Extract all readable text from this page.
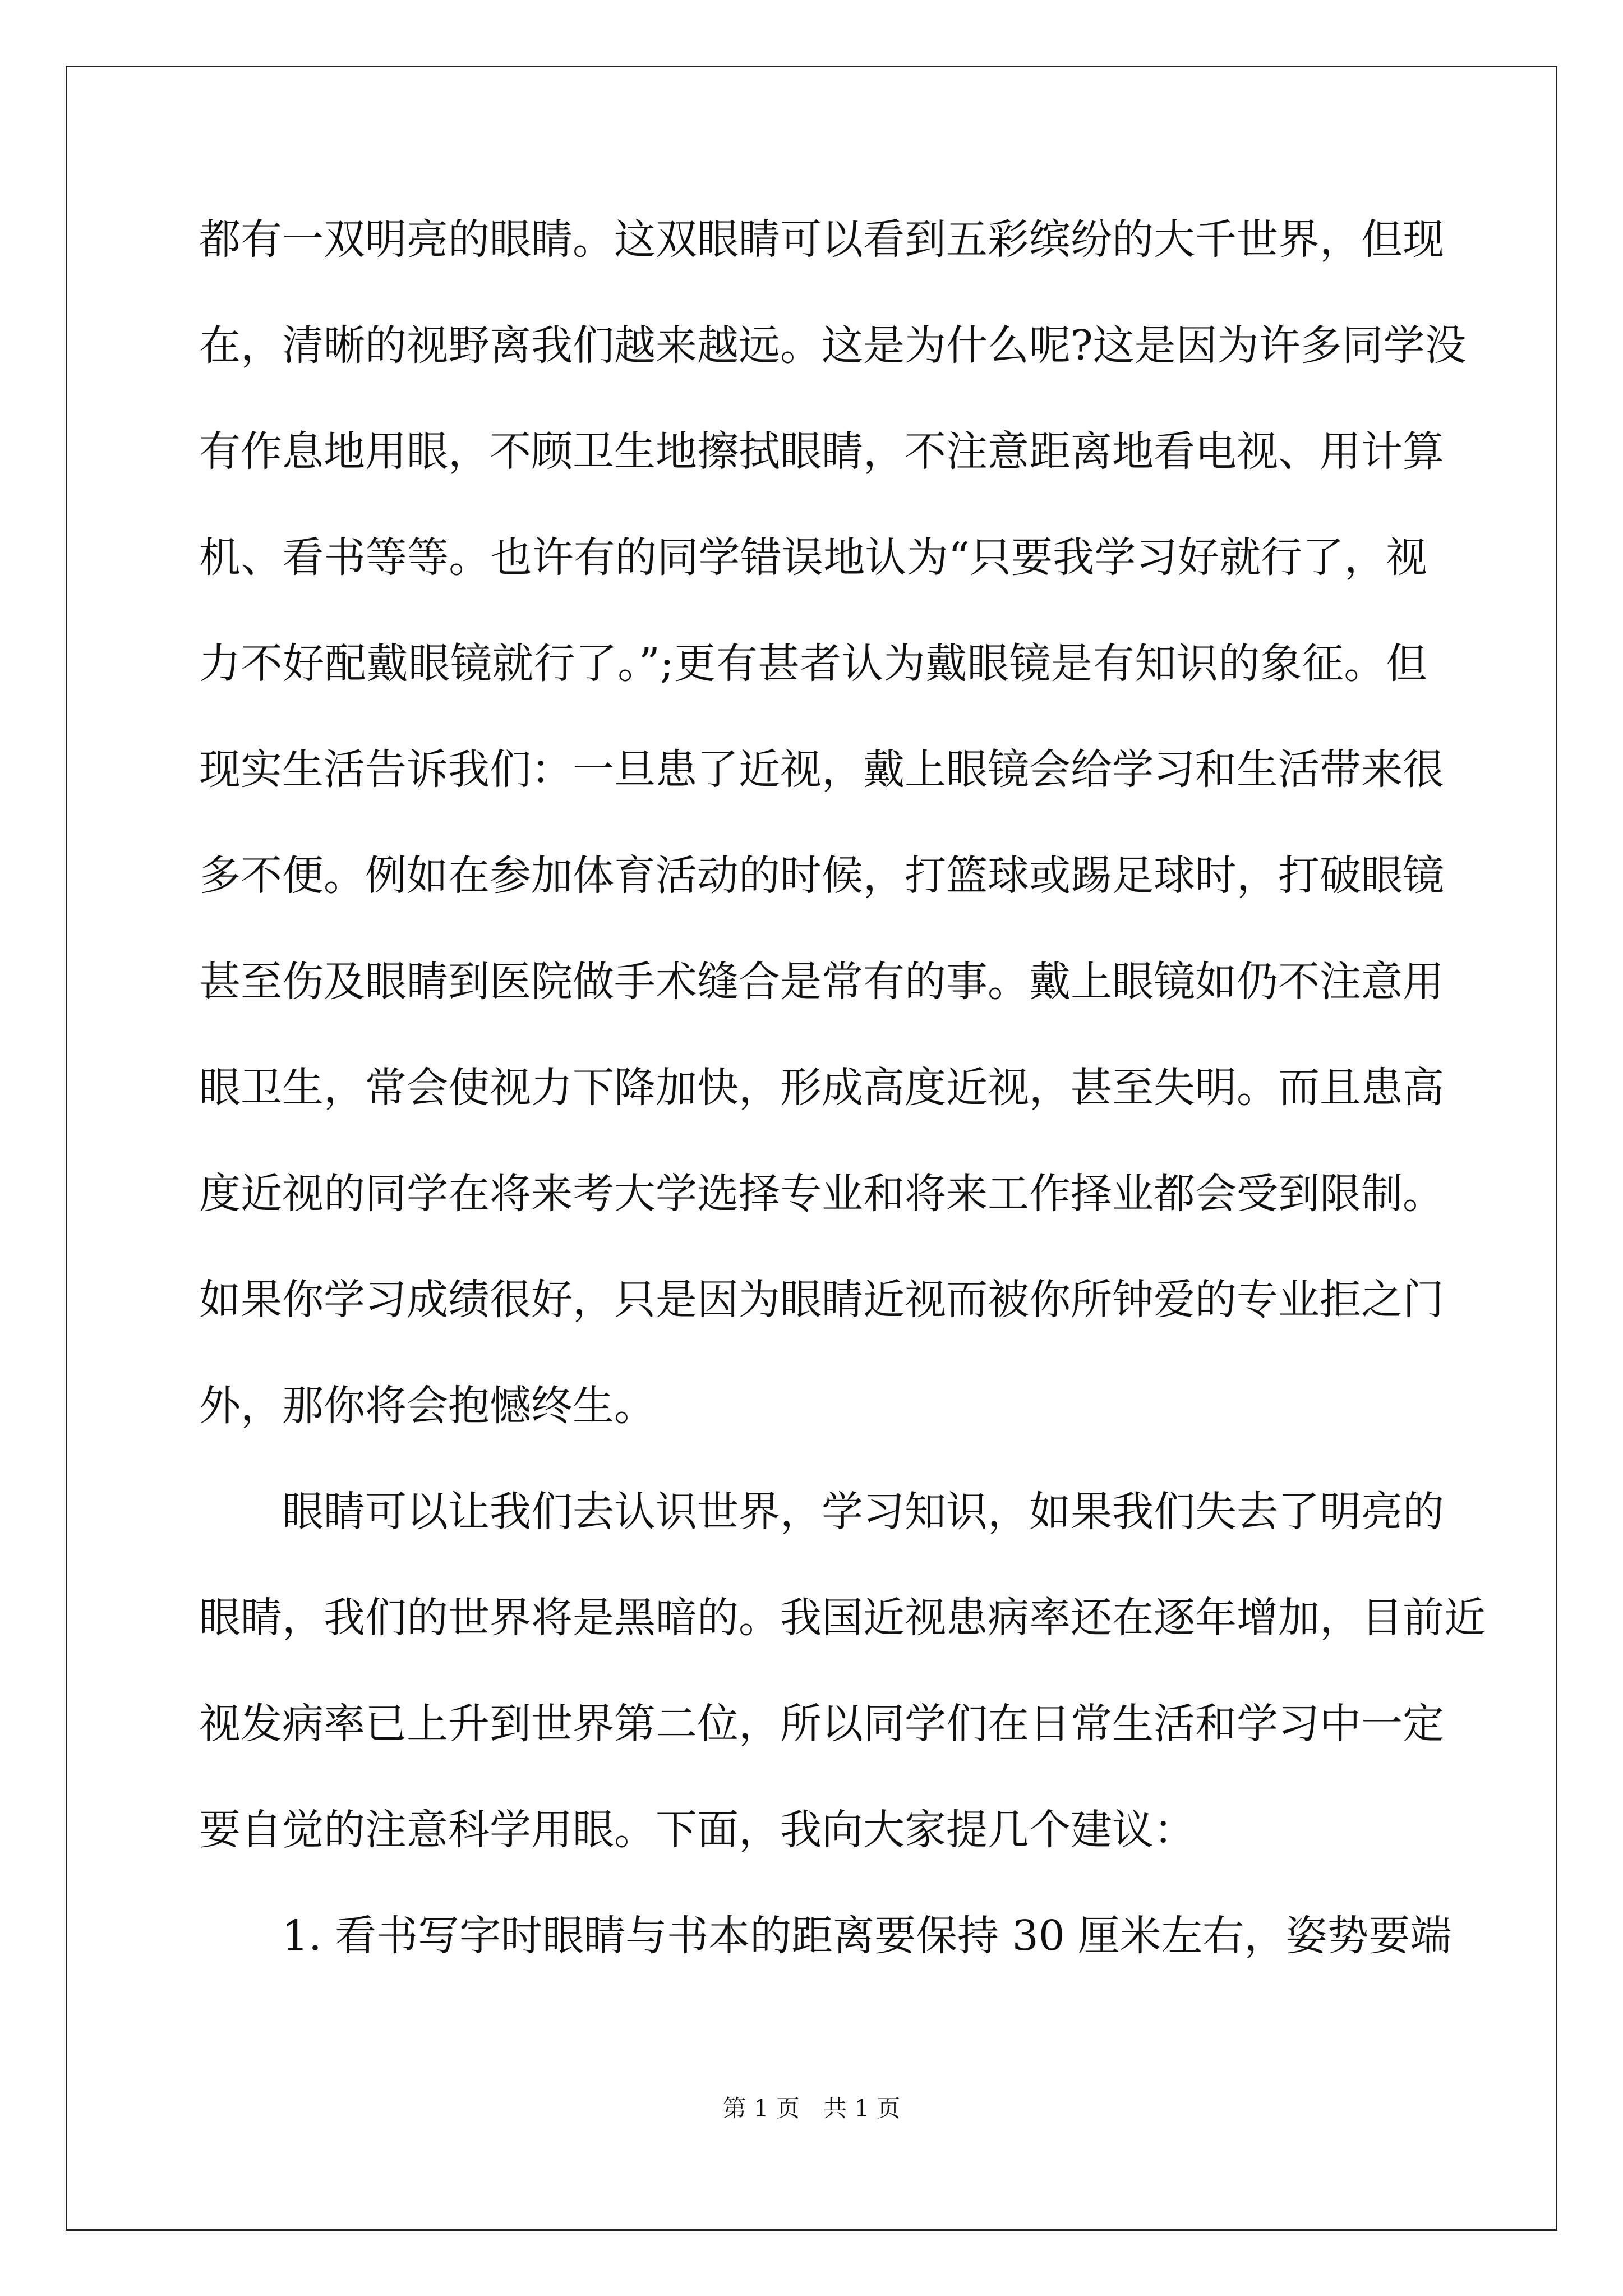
都有一双明亮的眼睛。这双眼睛可以看到五彩缤纷的大千世界，但现
在，清晰的视野离我们越来越远。这是为什么呢?这是因为许多同学没
有作息地用眼，不顾卫生地擦拭眼睛，不注意距离地看电视、用计算
机、看书等等。也许有的同学错误地认为“只要我学习好就行了，视
力不好配戴眼镜就行了。”;更有甚者认为戴眼镜是有知识的象征。但
现实生活告诉我们：一旦患了近视，戴上眼镜会给学习和生活带来很
多不便。例如在参加体育活动的时候，打篮球或踢足球时，打破眼镜
甚至伤及眼睛到医院做手术缝合是常有的事。戴上眼镜如仍不注意用
眼卫生，常会使视力下降加快，形成高度近视，甚至失明。而且患高
度近视的同学在将来考大学选择专业和将来工作择业都会受到限制。
如果你学习成绩很好，只是因为眼睛近视而被你所钟爱的专业拒之门
外，那你将会抱憾终生。
眼睛可以让我们去认识世界，学习知识，如果我们失去了明亮的
眼睛，我们的世界将是黑暗的。我国近视患病率还在逐年增加，目前近
视发病率已上升到世界第二位，所以同学们在日常生活和学习中一定
要自觉的注意科学用眼。下面，我向大家提几个建议：
1. 看书写字时眼睛与书本的距离要保持 30 厘米左右，姿势要端
第 1 页　共 1 页
